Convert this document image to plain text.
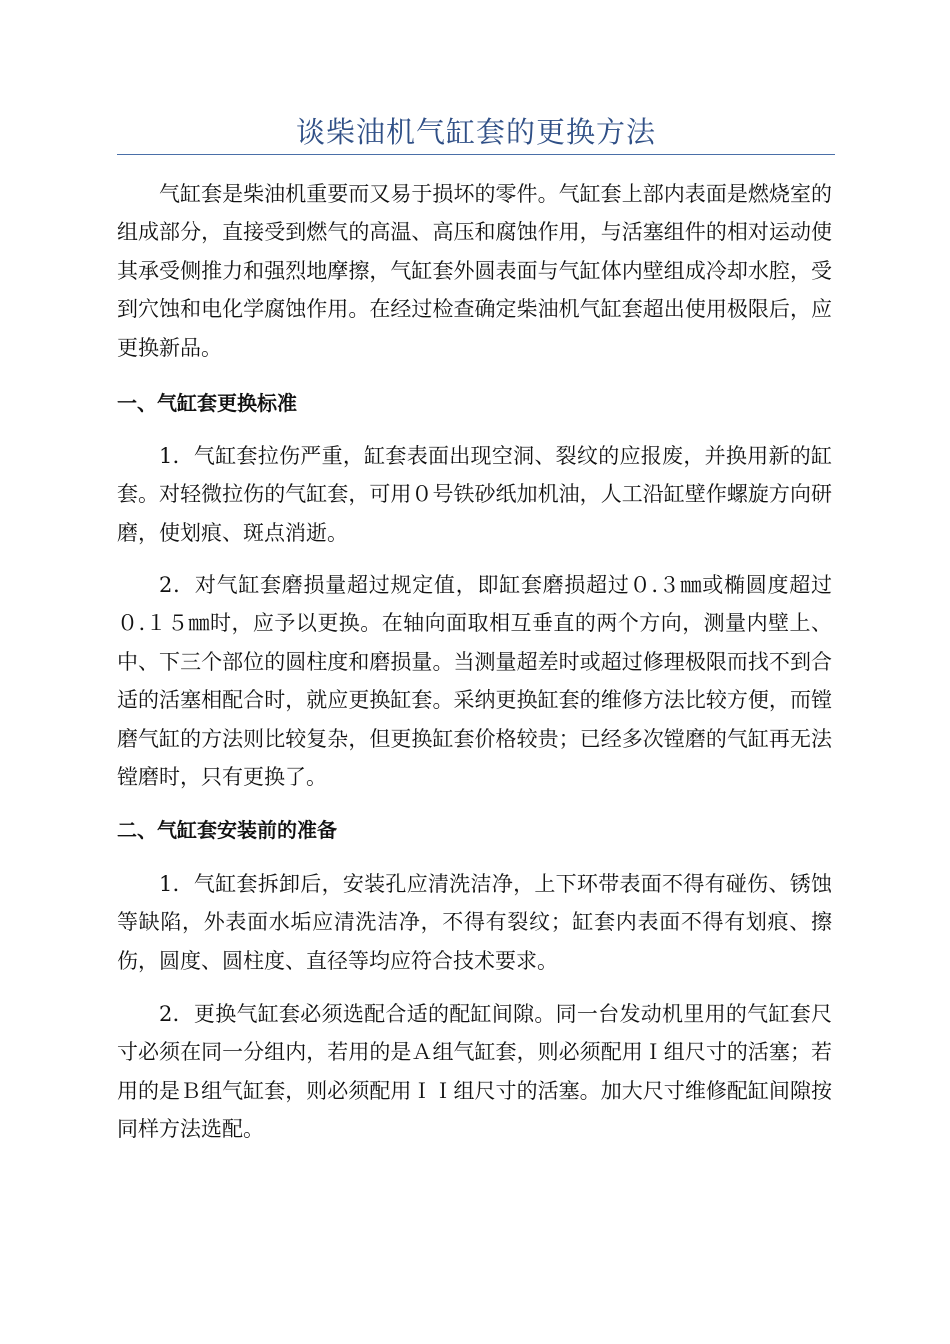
谈柴油机气缸套的更换方法

气缸套是柴油机重要而又易于损坏的零件。气缸套上部内表面是燃烧室的组成部分，直接受到燃气的高温、高压和腐蚀作用，与活塞组件的相对运动使其承受侧推力和强烈地摩擦，气缸套外圆表面与气缸体内壁组成冷却水腔，受到穴蚀和电化学腐蚀作用。在经过检查确定柴油机气缸套超出使用极限后，应更换新品。

一、气缸套更换标准

1．气缸套拉伤严重，缸套表面出现空洞、裂纹的应报废，并换用新的缸套。对轻微拉伤的气缸套，可用０号铁砂纸加机油，人工沿缸壁作螺旋方向研磨，使划痕、斑点消逝。

2．对气缸套磨损量超过规定值，即缸套磨损超过０.３㎜或椭圆度超过０.１５㎜时，应予以更换。在轴向面取相互垂直的两个方向，测量内壁上、中、下三个部位的圆柱度和磨损量。当测量超差时或超过修理极限而找不到合适的活塞相配合时，就应更换缸套。采纳更换缸套的维修方法比较方便，而镗磨气缸的方法则比较复杂，但更换缸套价格较贵；已经多次镗磨的气缸再无法镗磨时，只有更换了。

二、气缸套安装前的准备

1．气缸套拆卸后，安装孔应清洗洁净，上下环带表面不得有碰伤、锈蚀等缺陷，外表面水垢应清洗洁净，不得有裂纹；缸套内表面不得有划痕、擦伤，圆度、圆柱度、直径等均应符合技术要求。

2．更换气缸套必须选配合适的配缸间隙。同一台发动机里用的气缸套尺寸必须在同一分组内，若用的是Ａ组气缸套，则必须配用Ｉ组尺寸的活塞；若用的是Ｂ组气缸套，则必须配用ＩＩ组尺寸的活塞。加大尺寸维修配缸间隙按同样方法选配。
